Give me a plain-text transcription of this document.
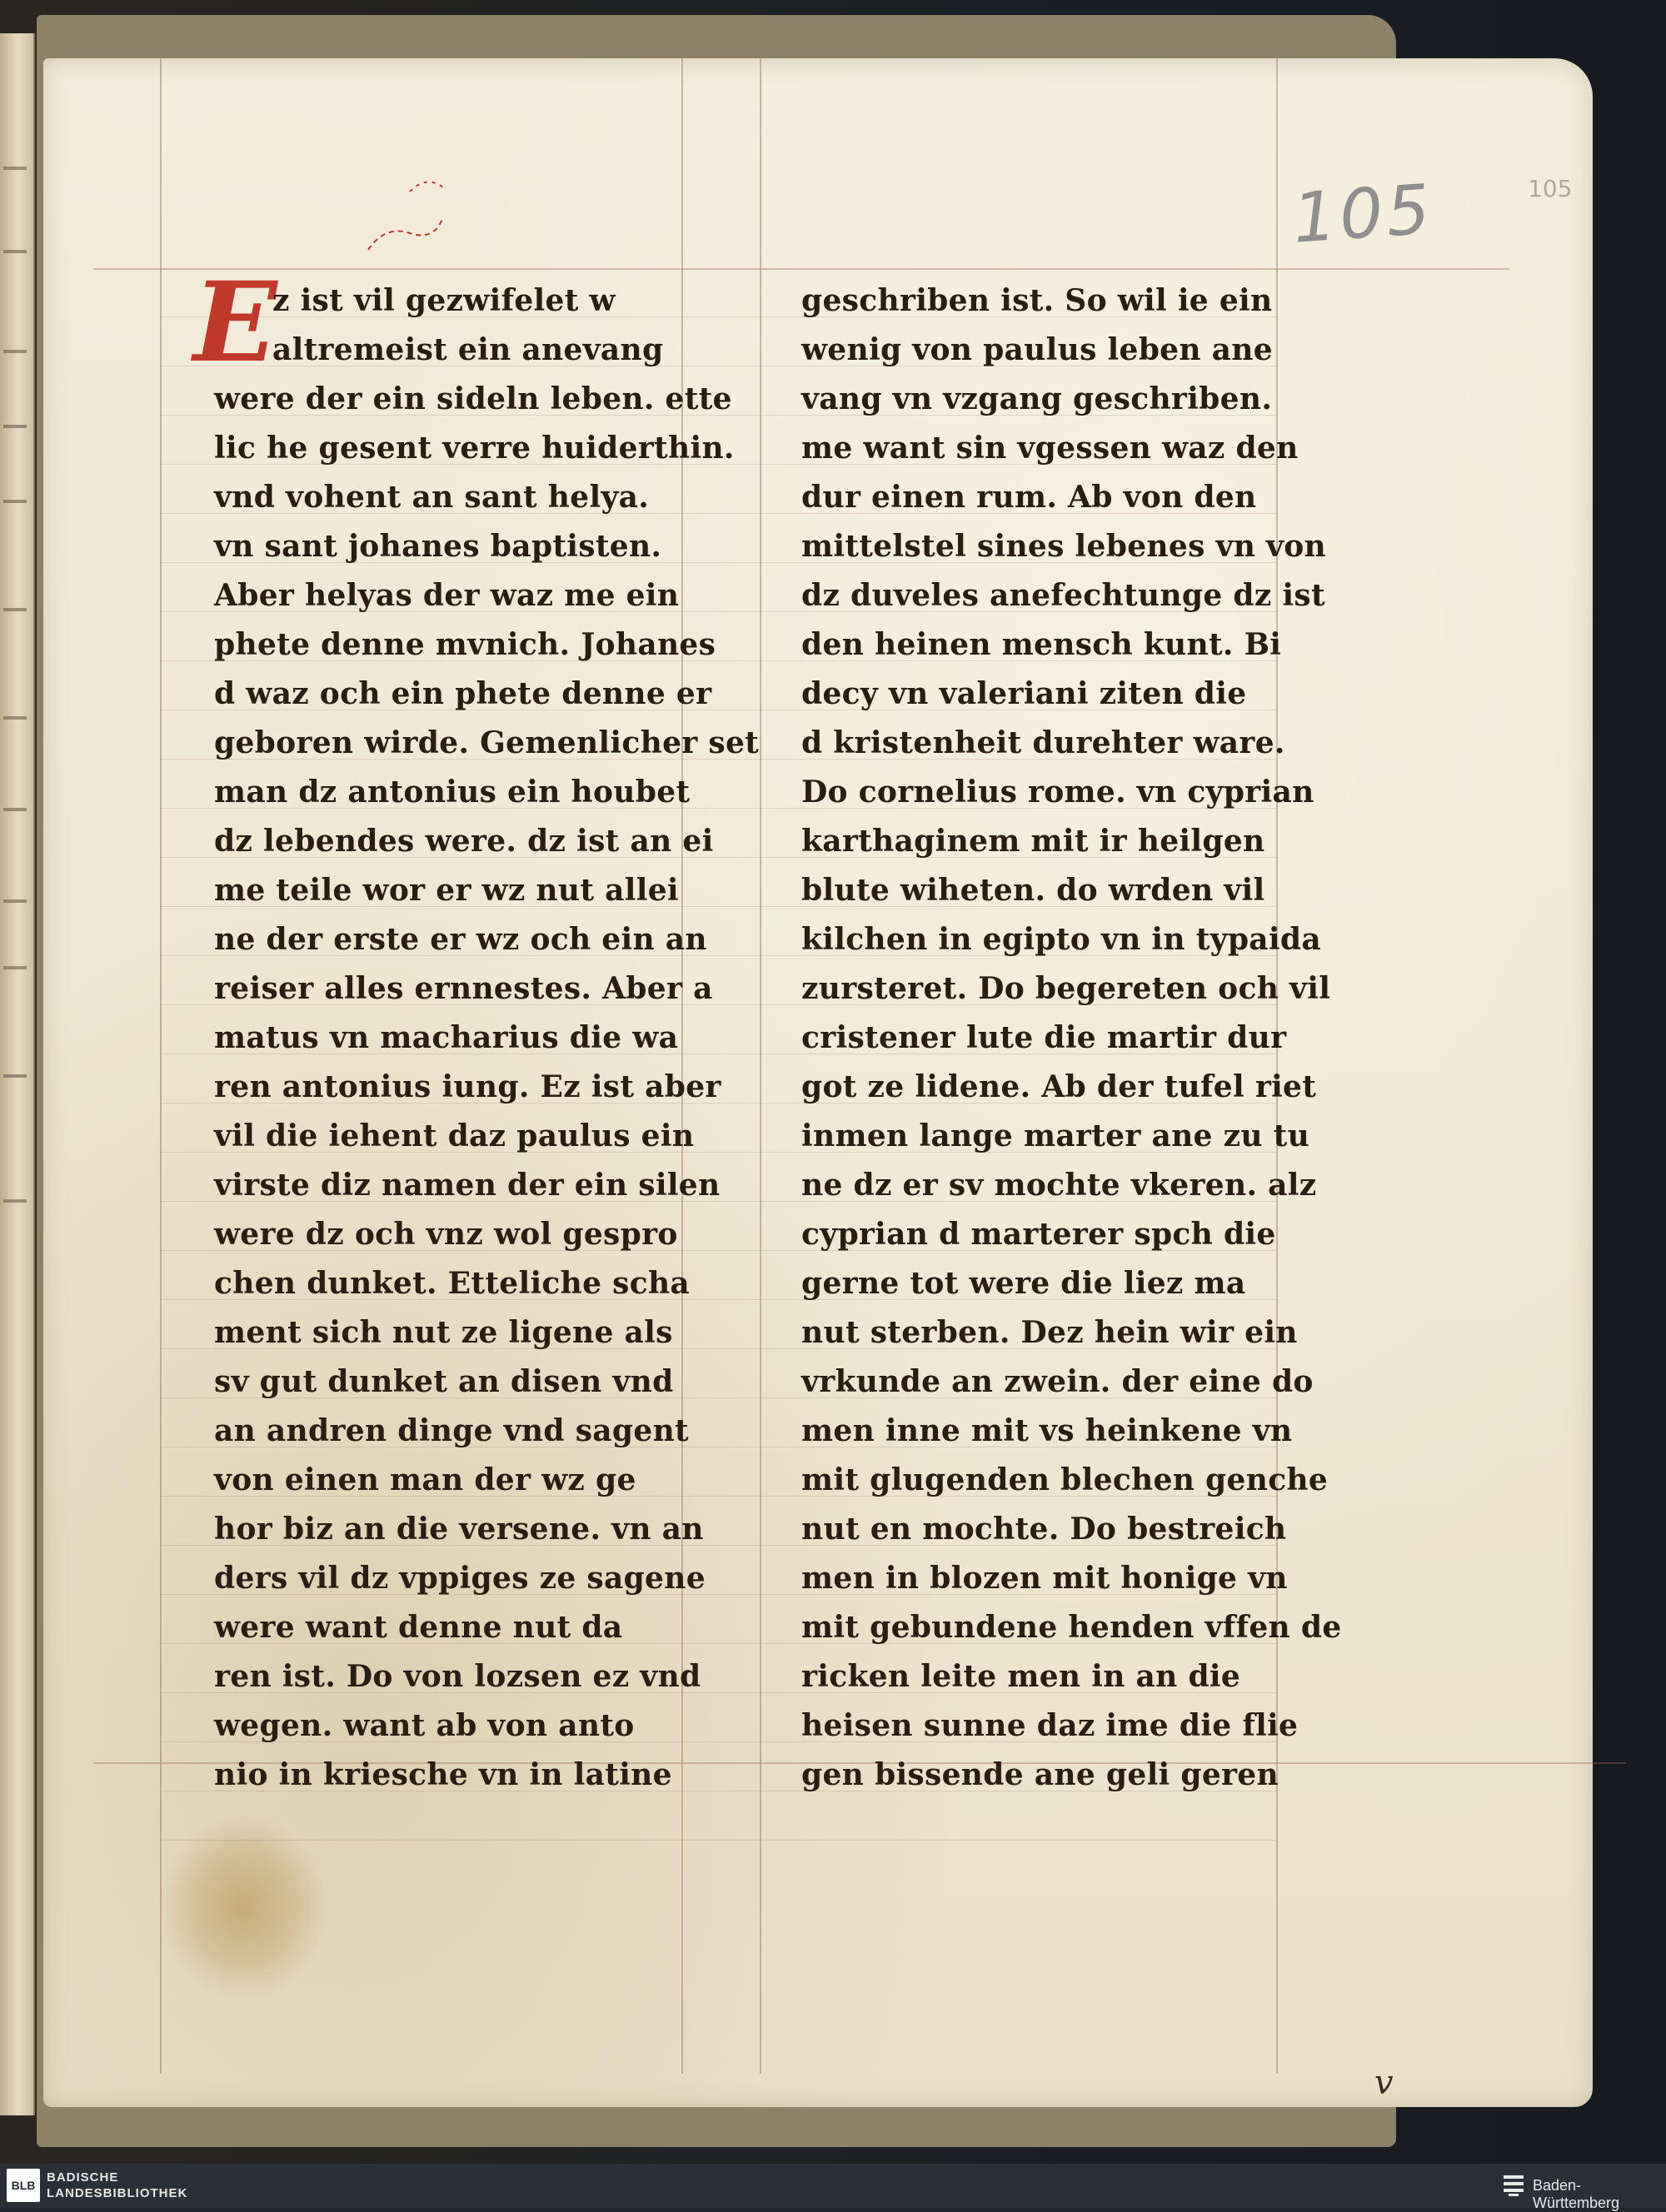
105	105
E
z ist vil gezwifelet w
altremeist ein anevang
were der ein sideln leben. ette
lic he gesent verre huiderthin.
vnd vohent an sant helya.
vn sant johanes baptisten.
Aber helyas der waz me ein
phete denne mvnich. Johanes
d waz och ein phete denne er
geboren wirde. Gemenlicher set
man dz antonius ein houbet
dz lebendes were. dz ist an ei
me teile wor er wz nut allei
ne der erste er wz och ein an
reiser alles ernnestes. Aber a
matus vn macharius die wa
ren antonius iung. Ez ist aber
vil die iehent daz paulus ein
virste diz namen der ein silen
were dz och vnz wol gespro
chen dunket. Etteliche scha
ment sich nut ze ligene als
sv gut dunket an disen vnd
an andren dinge vnd sagent
von einen man der wz ge
hor biz an die versene. vn an
ders vil dz vppiges ze sagene
were want denne nut da
ren ist. Do von lozsen ez vnd
wegen. want ab von anto
nio in kriesche vn in latine
geschriben ist. So wil ie ein
wenig von paulus leben ane
vang vn vzgang geschriben.
me want sin vgessen waz den
dur einen rum. Ab von den
mittelstel sines lebenes vn von
dz duveles anefechtunge dz ist
den heinen mensch kunt. Bi
decy vn valeriani ziten die
d kristenheit durehter ware.
Do cornelius rome. vn cyprian
karthaginem mit ir heilgen
blute wiheten. do wrden vil
kilchen in egipto vn in typaida
zursteret. Do begereten och vil
cristener lute die martir dur
got ze lidene. Ab der tufel riet
inmen lange marter ane zu tu
ne dz er sv mochte vkeren. alz
cyprian d marterer spch die
gerne tot were die liez ma
nut sterben. Dez hein wir ein
vrkunde an zwein. der eine do
men inne mit vs heinkene vn
mit glugenden blechen genche
nut en mochte. Do bestreich
men in blozen mit honige vn
mit gebundene henden vffen de
ricken leite men in an die
heisen sunne daz ime die flie
gen bissende ane geli geren
v
BLB
BADISCHE
LANDESBIBLIOTHEK	Baden-Württemberg
